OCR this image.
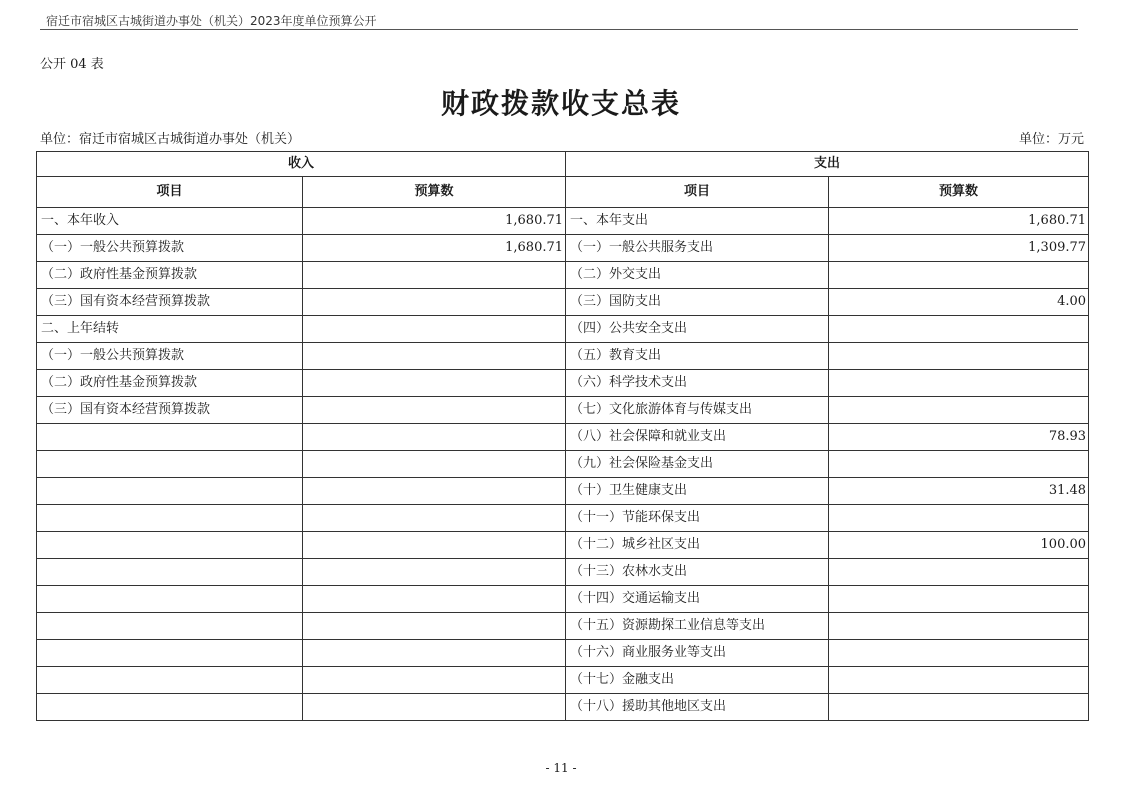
宿迁市宿城区古城街道办事处（机关）2023年度单位预算公开
公开 04 表
财政拨款收支总表
单位：宿迁市宿城区古城街道办事处（机关）	单位：万元
收入		支出	
项目	预算数	项目	预算数
一、本年收入	1,680.71	一、本年支出	1,680.71
（一）一般公共预算拨款	1,680.71	（一）一般公共服务支出	1,309.77
（二）政府性基金预算拨款		（二）外交支出	
（三）国有资本经营预算拨款		（三）国防支出	4.00
二、上年结转		（四）公共安全支出	
（一）一般公共预算拨款		（五）教育支出	
（二）政府性基金预算拨款		（六）科学技术支出	
（三）国有资本经营预算拨款		（七）文化旅游体育与传媒支出	
		（八）社会保障和就业支出	78.93
		（九）社会保险基金支出	
		（十）卫生健康支出	31.48
		（十一）节能环保支出	
		（十二）城乡社区支出	100.00
		（十三）农林水支出	
		（十四）交通运输支出	
		（十五）资源勘探工业信息等支出	
		（十六）商业服务业等支出	
		（十七）金融支出	
		（十八）援助其他地区支出	
- 11 -
